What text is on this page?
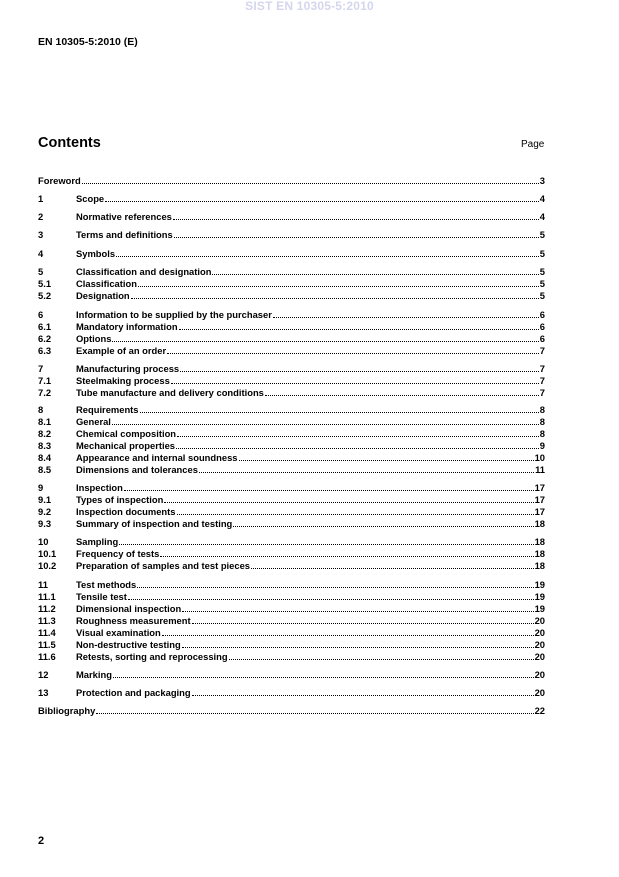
SIST EN 10305-5:2010
EN 10305-5:2010 (E)
Contents	Page
Foreword	3
1	Scope	4
2	Normative references	4
3	Terms and definitions	5
4	Symbols	5
5	Classification and designation	5
5.1	Classification	5
5.2	Designation	5
6	Information to be supplied by the purchaser	6
6.1	Mandatory information	6
6.2	Options	6
6.3	Example of an order	7
7	Manufacturing process	7
7.1	Steelmaking process	7
7.2	Tube manufacture and delivery conditions	7
8	Requirements	8
8.1	General	8
8.2	Chemical composition	8
8.3	Mechanical properties	9
8.4	Appearance and internal soundness	10
8.5	Dimensions and tolerances	11
9	Inspection	17
9.1	Types of inspection	17
9.2	Inspection documents	17
9.3	Summary of inspection and testing	18
10	Sampling	18
10.1	Frequency of tests	18
10.2	Preparation of samples and test pieces	18
11	Test methods	19
11.1	Tensile test	19
11.2	Dimensional inspection	19
11.3	Roughness measurement	20
11.4	Visual examination	20
11.5	Non-destructive testing	20
11.6	Retests, sorting and reprocessing	20
12	Marking	20
13	Protection and packaging	20
Bibliography	22
2
